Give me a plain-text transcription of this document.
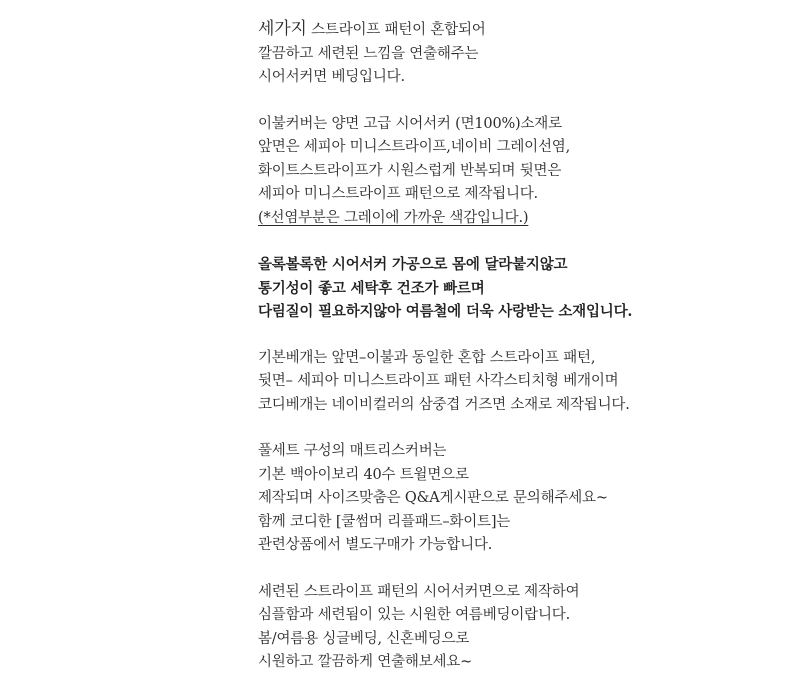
세가지 스트라이프 패턴이 혼합되어
깔끔하고 세련된 느낌을 연출해주는
시어서커면 베딩입니다.
이불커버는 양면 고급 시어서커 (면100%)소재로
앞면은 세피아 미니스트라이프,네이비 그레이선염,
화이트스트라이프가 시원스럽게 반복되며 뒷면은
세피아 미니스트라이프 패턴으로 제작됩니다.
(*선염부분은 그레이에 가까운 색감입니다.)
올록볼록한 시어서커 가공으로 몸에 달라붙지않고
통기성이 좋고 세탁후 건조가 빠르며
다림질이 필요하지않아 여름철에 더욱 사랑받는 소재입니다.
기본베개는 앞면–이불과 동일한 혼합 스트라이프 패턴,
뒷면– 세피아 미니스트라이프 패턴 사각스티치형 베개이며
코디베개는 네이비컬러의 삼중겹 거즈면 소재로 제작됩니다.
풀세트 구성의 매트리스커버는
기본 백아이보리 40수 트윌면으로
제작되며 사이즈맞춤은 Q&A게시판으로 문의해주세요~
함께 코디한 [쿨썸머 리플패드–화이트]는
관련상품에서 별도구매가 가능합니다.
세련된 스트라이프 패턴의 시어서커면으로 제작하여
심플함과 세련됨이 있는 시원한 여름베딩이랍니다.
봄/여름용 싱글베딩, 신혼베딩으로
시원하고 깔끔하게 연출해보세요~
